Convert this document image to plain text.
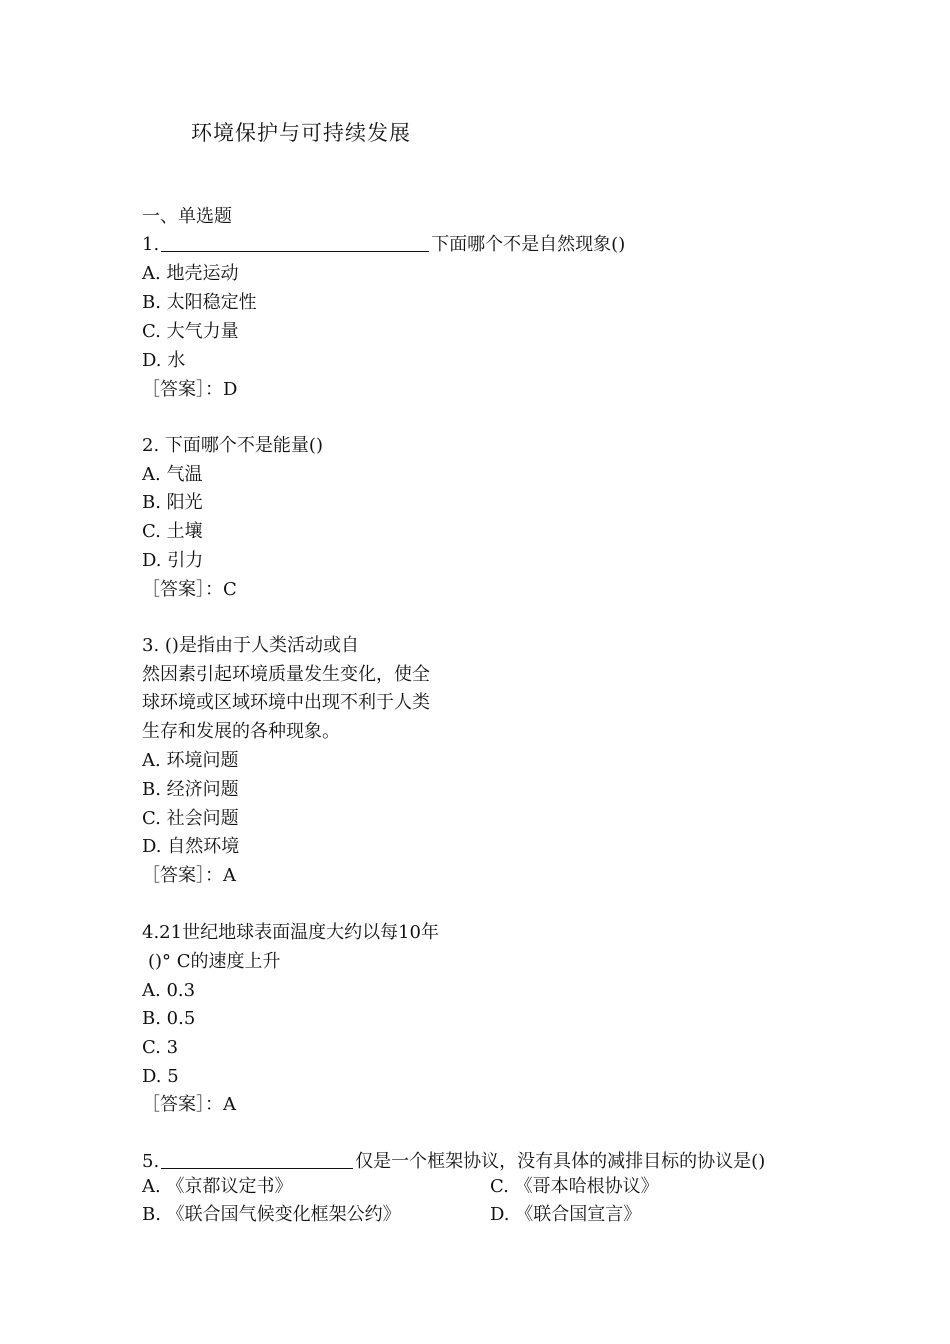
环境保护与可持续发展
一、单选题
1.	下面哪个不是自然现象()
A. 地壳运动
B. 太阳稳定性
C. 大气力量
D. 水
［答案］：D
2. 下面哪个不是能量()
A. 气温
B. 阳光
C. 土壤
D. 引力
［答案］：C
3. ()是指由于人类活动或自
然因素引起环境质量发生变化，使全
球环境或区域环境中出现不利于人类
生存和发展的各种现象。
A. 环境问题
B. 经济问题
C. 社会问题
D. 自然环境
［答案］：A
4.21世纪地球表面温度大约以每10年
()° C的速度上升
A. 0.3
B. 0.5
C. 3
D. 5
［答案］：A
5.	仅是一个框架协议，没有具体的减排目标的协议是()
A. 《京都议定书》	C. 《哥本哈根协议》
B. 《联合国气候变化框架公约》	D. 《联合国宣言》
